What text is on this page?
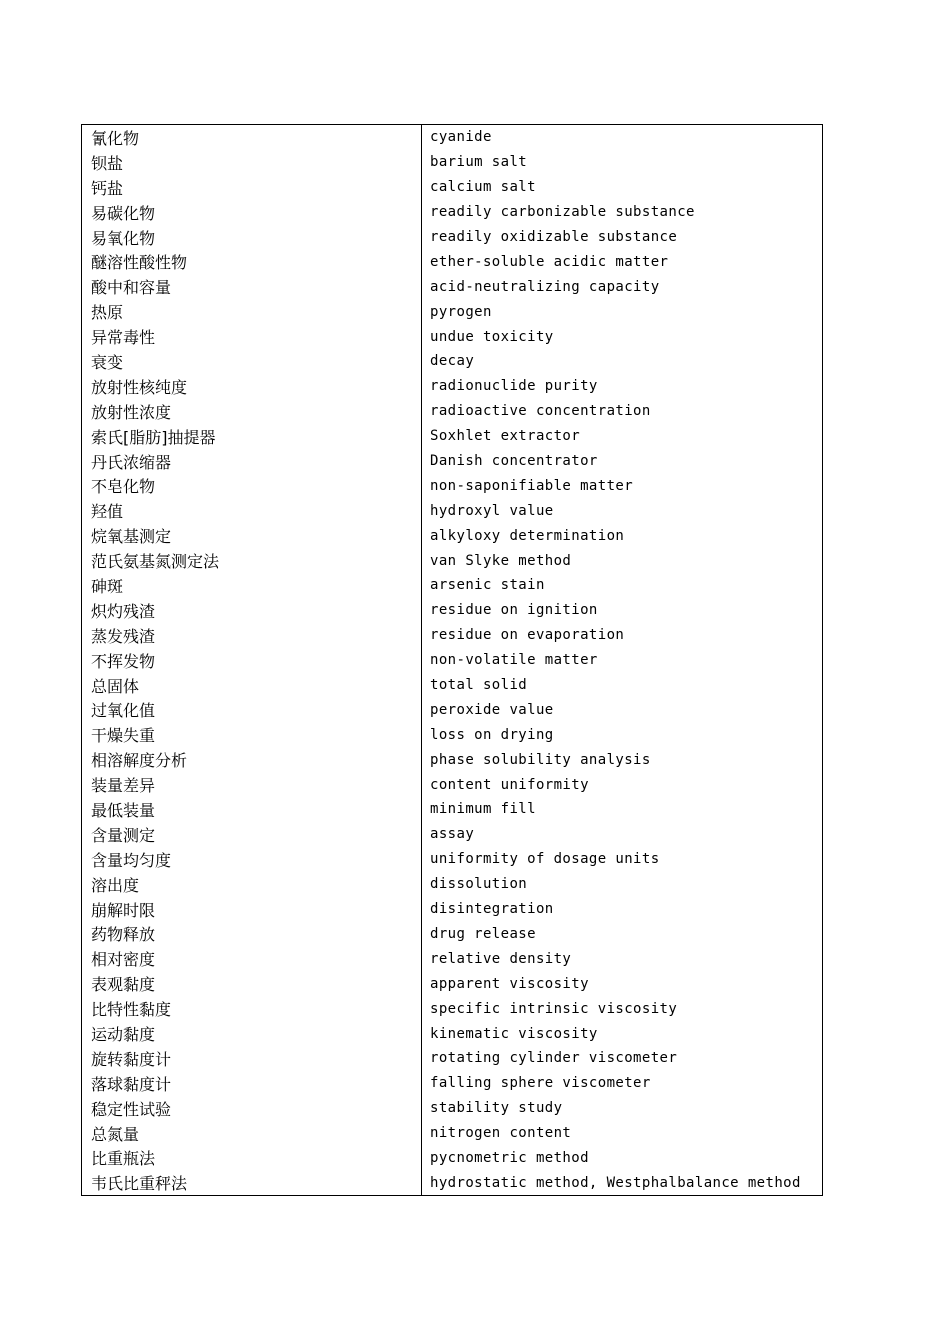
氰化物	cyanide
钡盐	barium salt
钙盐	calcium salt
易碳化物	readily carbonizable substance
易氧化物	readily oxidizable substance
醚溶性酸性物	ether-soluble acidic matter
酸中和容量	acid-neutralizing capacity
热原	pyrogen
异常毒性	undue toxicity
衰变	decay
放射性核纯度	radionuclide purity
放射性浓度	radioactive concentration
索氏[脂肪]抽提器	Soxhlet extractor
丹氏浓缩器	Danish concentrator
不皂化物	non-saponifiable matter
羟值	hydroxyl value
烷氧基测定	alkyloxy determination
范氏氨基氮测定法	van Slyke method
砷斑	arsenic stain
炽灼残渣	residue on ignition
蒸发残渣	residue on evaporation
不挥发物	non-volatile matter
总固体	total solid
过氧化值	peroxide value
干燥失重	loss on drying
相溶解度分析	phase solubility analysis
装量差异	content uniformity
最低装量	minimum fill
含量测定	assay
含量均匀度	uniformity of dosage units
溶出度	dissolution
崩解时限	disintegration
药物释放	drug release
相对密度	relative density
表观黏度	apparent viscosity
比特性黏度	specific intrinsic viscosity
运动黏度	kinematic viscosity
旋转黏度计	rotating cylinder viscometer
落球黏度计	falling sphere viscometer
稳定性试验	stability study
总氮量	nitrogen content
比重瓶法	pycnometric method
韦氏比重秤法	hydrostatic method, Westphalbalance method
